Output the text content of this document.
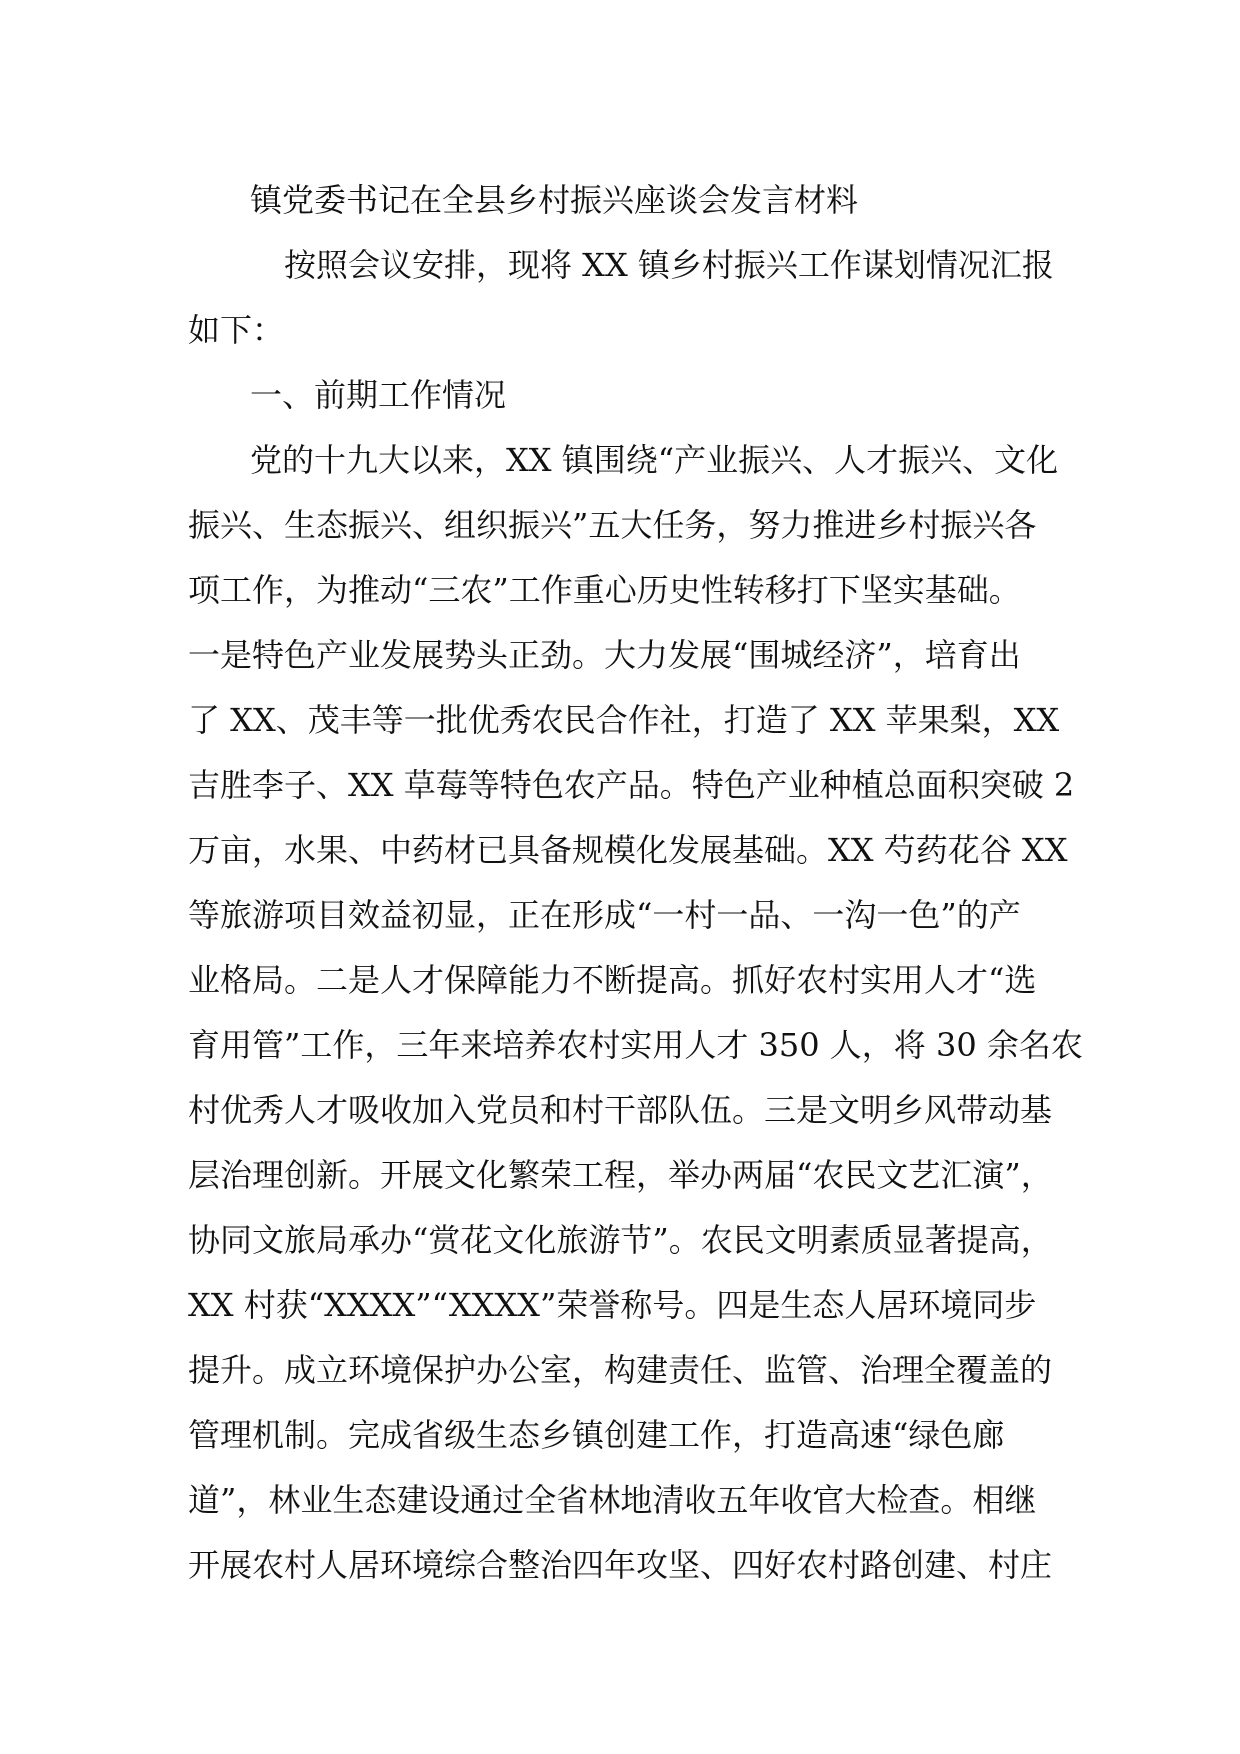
镇党委书记在全县乡村振兴座谈会发言材料
按照会议安排，现将 XX 镇乡村振兴工作谋划情况汇报
如下：
一、前期工作情况
党的十九大以来，XX 镇围绕“产业振兴、人才振兴、文化
振兴、生态振兴、组织振兴”五大任务，努力推进乡村振兴各
项工作，为推动“三农”工作重心历史性转移打下坚实基础。
一是特色产业发展势头正劲。大力发展“围城经济”，培育出
了 XX、茂丰等一批优秀农民合作社，打造了 XX 苹果梨，XX
吉胜李子、XX 草莓等特色农产品。特色产业种植总面积突破 2
万亩，水果、中药材已具备规模化发展基础。XX 芍药花谷 XX
等旅游项目效益初显，正在形成“一村一品、一沟一色”的产
业格局。二是人才保障能力不断提高。抓好农村实用人才“选
育用管”工作，三年来培养农村实用人才 350 人，将 30 余名农
村优秀人才吸收加入党员和村干部队伍。三是文明乡风带动基
层治理创新。开展文化繁荣工程，举办两届“农民文艺汇演”，
协同文旅局承办“赏花文化旅游节”。农民文明素质显著提高，
XX 村获“XXXX”“XXXX”荣誉称号。四是生态人居环境同步
提升。成立环境保护办公室，构建责任、监管、治理全覆盖的
管理机制。完成省级生态乡镇创建工作，打造高速“绿色廊
道”，林业生态建设通过全省林地清收五年收官大检查。相继
开展农村人居环境综合整治四年攻坚、四好农村路创建、村庄
